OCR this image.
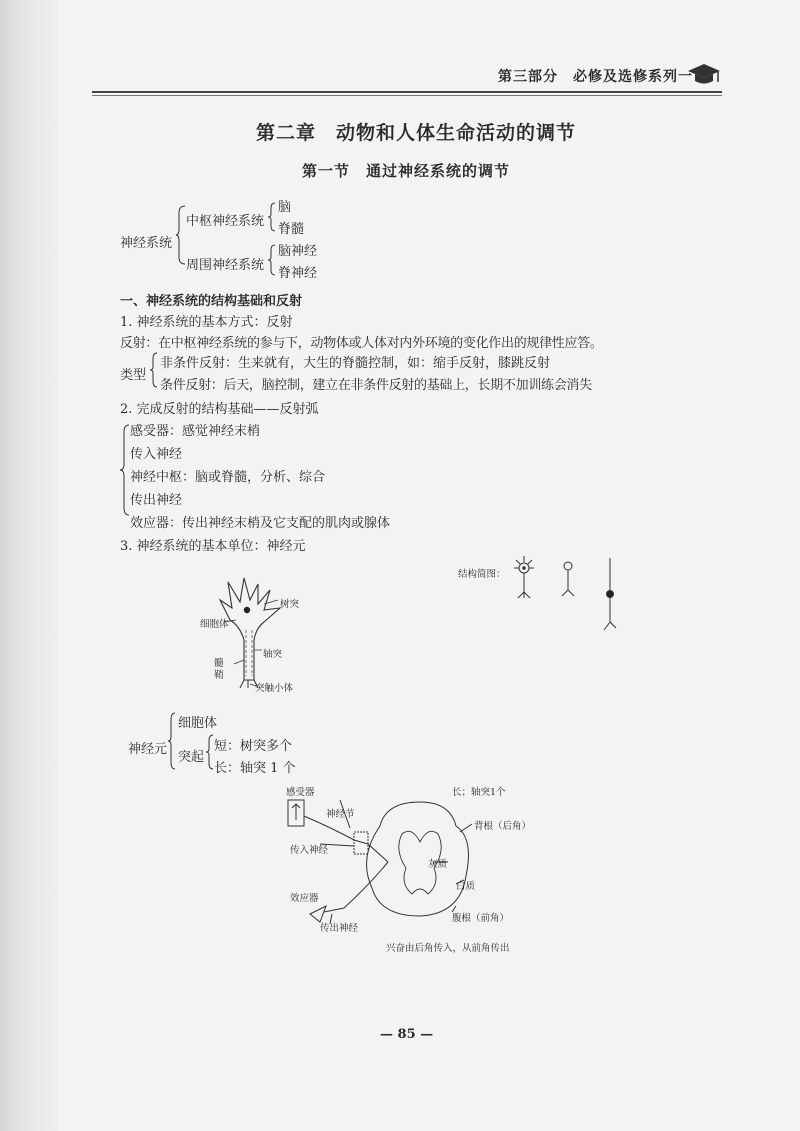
第三部分　必修及选修系列一
第二章　动物和人体生命活动的调节
第一节　通过神经系统的调节
神经系统
中枢神经系统
脑
脊髓
周围神经系统
脑神经
脊神经
一、神经系统的结构基础和反射
1. 神经系统的基本方式：反射
反射：在中枢神经系统的参与下，动物体或人体对内外环境的变化作出的规律性应答。
类型
非条件反射：生来就有，大生的脊髓控制，如：缩手反射，膝跳反射
条件反射：后天，脑控制，建立在非条件反射的基础上，长期不加训练会消失
2. 完成反射的结构基础——反射弧
感受器：感觉神经末梢
传入神经
神经中枢：脑或脊髓，分析、综合
传出神经
效应器：传出神经末梢及它支配的肌肉或腺体
3. 神经系统的基本单位：神经元
树突
细胞体
轴突
髓鞘
突触小体
结构简图：
神经元
细胞体
突起
短：树突多个
长：轴突 1 个
感受器
神经节
长；轴突1个
背根（后角）
传入神经
灰质
白质
效应器
腹根（前角）
传出神经
兴奋由后角传入，从前角传出
— 85 —
